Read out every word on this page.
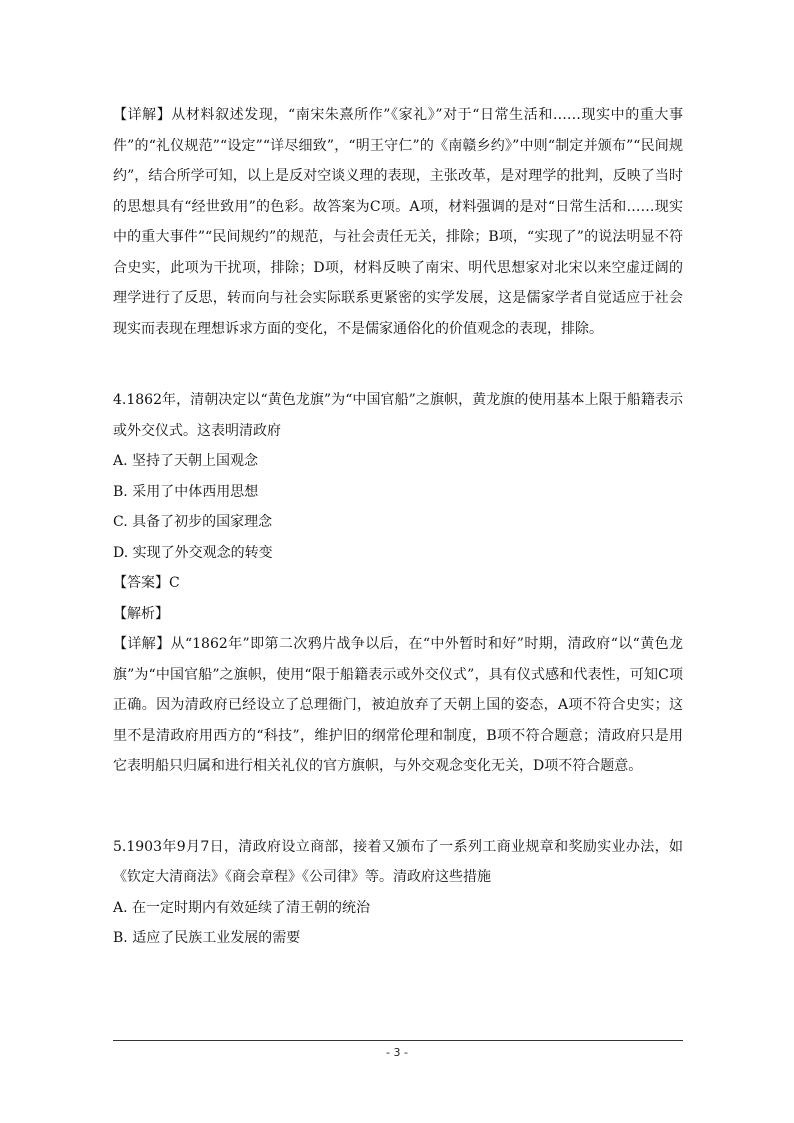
【详解】从材料叙述发现，“南宋朱熹所作”《家礼》”对于“日常生活和……现实中的重大事件”的“礼仪规范”“设定”“详尽细致”，“明王守仁”的《南赣乡约》”中则“制定并颁布”“民间规约”，结合所学可知，以上是反对空谈义理的表现，主张改革，是对理学的批判，反映了当时的思想具有“经世致用”的色彩。故答案为C项。A项，材料强调的是对“日常生活和……现实中的重大事件”“民间规约”的规范，与社会责任无关，排除；B项，“实现了”的说法明显不符合史实，此项为干扰项，排除；D项，材料反映了南宋、明代思想家对北宋以来空虚迂阔的理学进行了反思，转而向与社会实际联系更紧密的实学发展，这是儒家学者自觉适应于社会现实而表现在理想诉求方面的变化，不是儒家通俗化的价值观念的表现，排除。

4.1862年，清朝决定以“黄色龙旗”为“中国官船”之旗帜，黄龙旗的使用基本上限于船籍表示或外交仪式。这表明清政府

A. 坚持了天朝上国观念

B. 采用了中体西用思想

C. 具备了初步的国家理念

D. 实现了外交观念的转变

【答案】C

【解析】

【详解】从“1862年”即第二次鸦片战争以后，在“中外暂时和好”时期，清政府“以“黄色龙旗”为“中国官船”之旗帜，使用“限于船籍表示或外交仪式”，具有仪式感和代表性，可知C项正确。因为清政府已经设立了总理衙门，被迫放弃了天朝上国的姿态，A项不符合史实；这里不是清政府用西方的“科技”，维护旧的纲常伦理和制度，B项不符合题意；清政府只是用它表明船只归属和进行相关礼仪的官方旗帜，与外交观念变化无关，D项不符合题意。

5.1903年9月7日，清政府设立商部，接着又颁布了一系列工商业规章和奖励实业办法，如《钦定大清商法》《商会章程》《公司律》等。清政府这些措施

A. 在一定时期内有效延续了清王朝的统治

B. 适应了民族工业发展的需要

- 3 -
